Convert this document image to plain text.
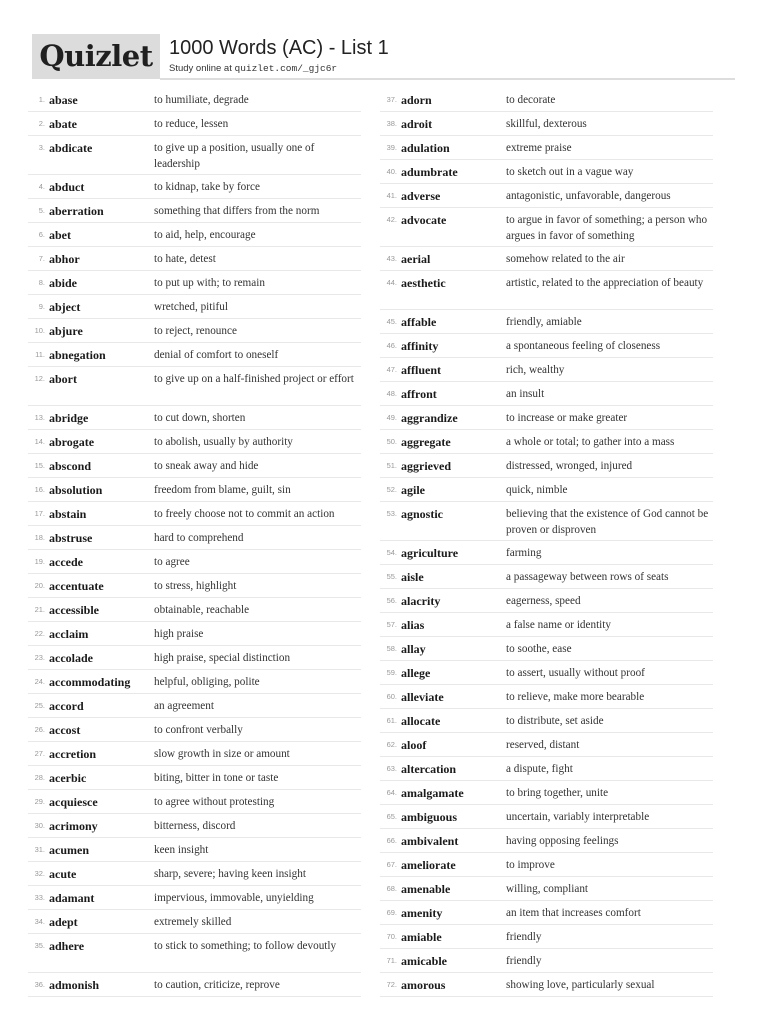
Quizlet 1000 Words (AC) - List 1
Study online at quizlet.com/_gjc6r
1. abase	to humiliate, degrade
2. abate	to reduce, lessen
3. abdicate	to give up a position, usually one of leadership
4. abduct	to kidnap, take by force
5. aberration	something that differs from the norm
6. abet	to aid, help, encourage
7. abhor	to hate, detest
8. abide	to put up with; to remain
9. abject	wretched, pitiful
10. abjure	to reject, renounce
11. abnegation	denial of comfort to oneself
12. abort	to give up on a half-finished project or effort
13. abridge	to cut down, shorten
14. abrogate	to abolish, usually by authority
15. abscond	to sneak away and hide
16. absolution	freedom from blame, guilt, sin
17. abstain	to freely choose not to commit an action
18. abstruse	hard to comprehend
19. accede	to agree
20. accentuate	to stress, highlight
21. accessible	obtainable, reachable
22. acclaim	high praise
23. accolade	high praise, special distinction
24. accommodating helpful, obliging, polite
25. accord	an agreement
26. accost	to confront verbally
27. accretion	slow growth in size or amount
28. acerbic	biting, bitter in tone or taste
29. acquiesce	to agree without protesting
30. acrimony	bitterness, discord
31. acumen	keen insight
32. acute	sharp, severe; having keen insight
33. adamant	impervious, immovable, unyielding
34. adept	extremely skilled
35. adhere	to stick to something; to follow devoutly
36. admonish	to caution, criticize, reprove
37. adorn	to decorate
38. adroit	skillful, dexterous
39. adulation	extreme praise
40. adumbrate	to sketch out in a vague way
41. adverse	antagonistic, unfavorable, dangerous
42. advocate	to argue in favor of something; a person who argues in favor of something
43. aerial	somehow related to the air
44. aesthetic	artistic, related to the appreciation of beauty
45. affable	friendly, amiable
46. affinity	a spontaneous feeling of closeness
47. affluent	rich, wealthy
48. affront	an insult
49. aggrandize	to increase or make greater
50. aggregate	a whole or total; to gather into a mass
51. aggrieved	distressed, wronged, injured
52. agile	quick, nimble
53. agnostic	believing that the existence of God cannot be proven or disproven
54. agriculture	farming
55. aisle	a passageway between rows of seats
56. alacrity	eagerness, speed
57. alias	a false name or identity
58. allay	to soothe, ease
59. allege	to assert, usually without proof
60. alleviate	to relieve, make more bearable
61. allocate	to distribute, set aside
62. aloof	reserved, distant
63. altercation	a dispute, fight
64. amalgamate	to bring together, unite
65. ambiguous	uncertain, variably interpretable
66. ambivalent	having opposing feelings
67. ameliorate	to improve
68. amenable	willing, compliant
69. amenity	an item that increases comfort
70. amiable	friendly
71. amicable	friendly
72. amorous	showing love, particularly sexual
